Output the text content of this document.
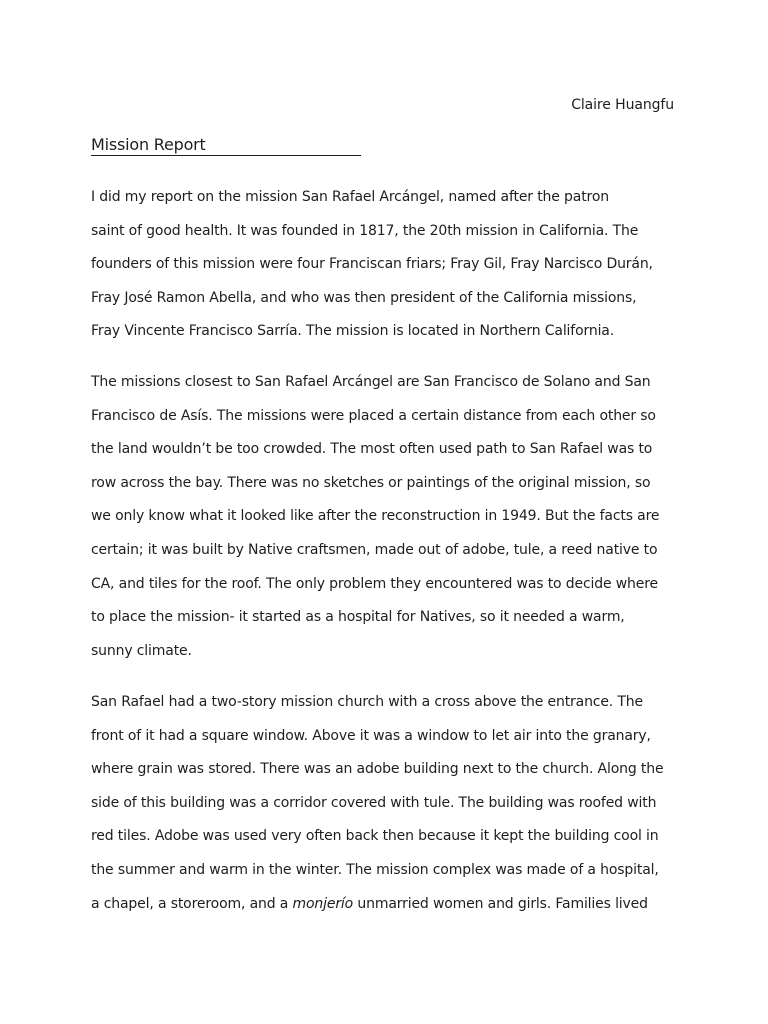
Claire Huangfu
Mission Report
I did my report on the mission San Rafael Arcángel, named after the patron
saint of good health. It was founded in 1817, the 20th mission in California. The
founders of this mission were four Franciscan friars; Fray Gil, Fray Narcisco Durán,
Fray José Ramon Abella, and who was then president of the California missions,
Fray Vincente Francisco Sarría. The mission is located in Northern California.
The missions closest to San Rafael Arcángel are San Francisco de Solano and San
Francisco de Asís. The missions were placed a certain distance from each other so
the land wouldn’t be too crowded. The most often used path to San Rafael was to
row across the bay. There was no sketches or paintings of the original mission, so
we only know what it looked like after the reconstruction in 1949. But the facts are
certain; it was built by Native craftsmen, made out of adobe, tule, a reed native to
CA, and tiles for the roof. The only problem they encountered was to decide where
to place the mission- it started as a hospital for Natives, so it needed a warm,
sunny climate.
San Rafael had a two-story mission church with a cross above the entrance. The
front of it had a square window. Above it was a window to let air into the granary,
where grain was stored. There was an adobe building next to the church. Along the
side of this building was a corridor covered with tule. The building was roofed with
red tiles. Adobe was used very often back then because it kept the building cool in
the summer and warm in the winter. The mission complex was made of a hospital,
a chapel, a storeroom, and a monjerío unmarried women and girls. Families lived
